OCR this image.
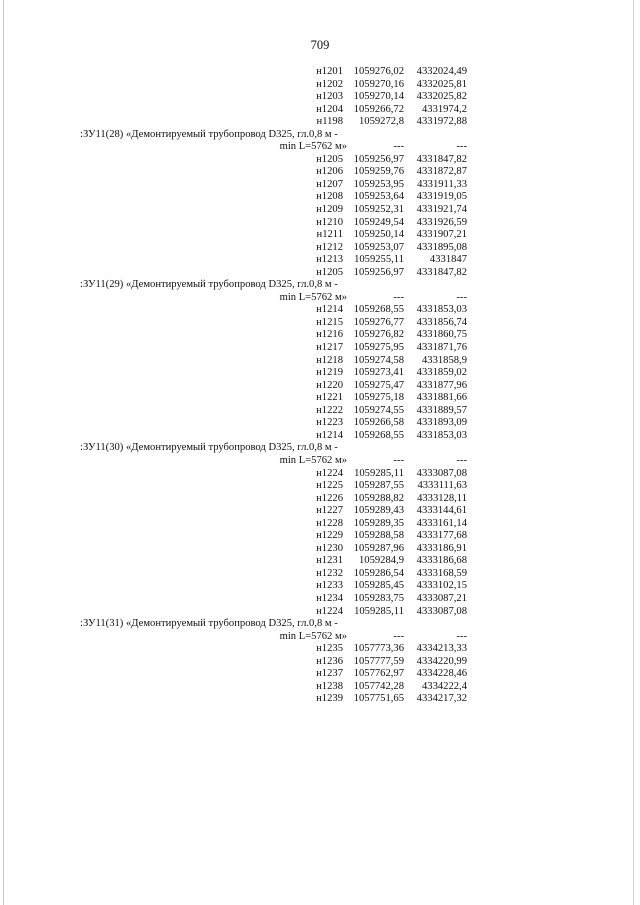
709
н1201 1059276,02 4332024,49
н1202 1059270,16 4332025,81
н1203 1059270,14 4332025,82
н1204 1059266,72 4331974,2
н1198 1059272,8 4331972,88
:ЗУ11(28) «Демонтируемый трубопровод D325, гл.0,8 м -
min L=5762 м»	---	---
н1205 1059256,97 4331847,82
н1206 1059259,76 4331872,87
н1207 1059253,95 4331911,33
н1208 1059253,64 4331919,05
н1209 1059252,31 4331921,74
н1210 1059249,54 4331926,59
н1211 1059250,14 4331907,21
н1212 1059253,07 4331895,08
н1213 1059255,11 4331847
н1205 1059256,97 4331847,82
:ЗУ11(29) «Демонтируемый трубопровод D325, гл.0,8 м -
min L=5762 м»	---	---
н1214 1059268,55 4331853,03
н1215 1059276,77 4331856,74
н1216 1059276,82 4331860,75
н1217 1059275,95 4331871,76
н1218 1059274,58 4331858,9
н1219 1059273,41 4331859,02
н1220 1059275,47 4331877,96
н1221 1059275,18 4331881,66
н1222 1059274,55 4331889,57
н1223 1059266,58 4331893,09
н1214 1059268,55 4331853,03
:ЗУ11(30) «Демонтируемый трубопровод D325, гл.0,8 м -
min L=5762 м»	---	---
н1224 1059285,11 4333087,08
н1225 1059287,55 4333111,63
н1226 1059288,82 4333128,11
н1227 1059289,43 4333144,61
н1228 1059289,35 4333161,14
н1229 1059288,58 4333177,68
н1230 1059287,96 4333186,91
н1231 1059284,9 4333186,68
н1232 1059286,54 4333168,59
н1233 1059285,45 4333102,15
н1234 1059283,75 4333087,21
н1224 1059285,11 4333087,08
:ЗУ11(31) «Демонтируемый трубопровод D325, гл.0,8 м -
min L=5762 м»	---	---
н1235 1057773,36 4334213,33
н1236 1057777,59 4334220,99
н1237 1057762,97 4334228,46
н1238 1057742,28 4334222,4
н1239 1057751,65 4334217,32
